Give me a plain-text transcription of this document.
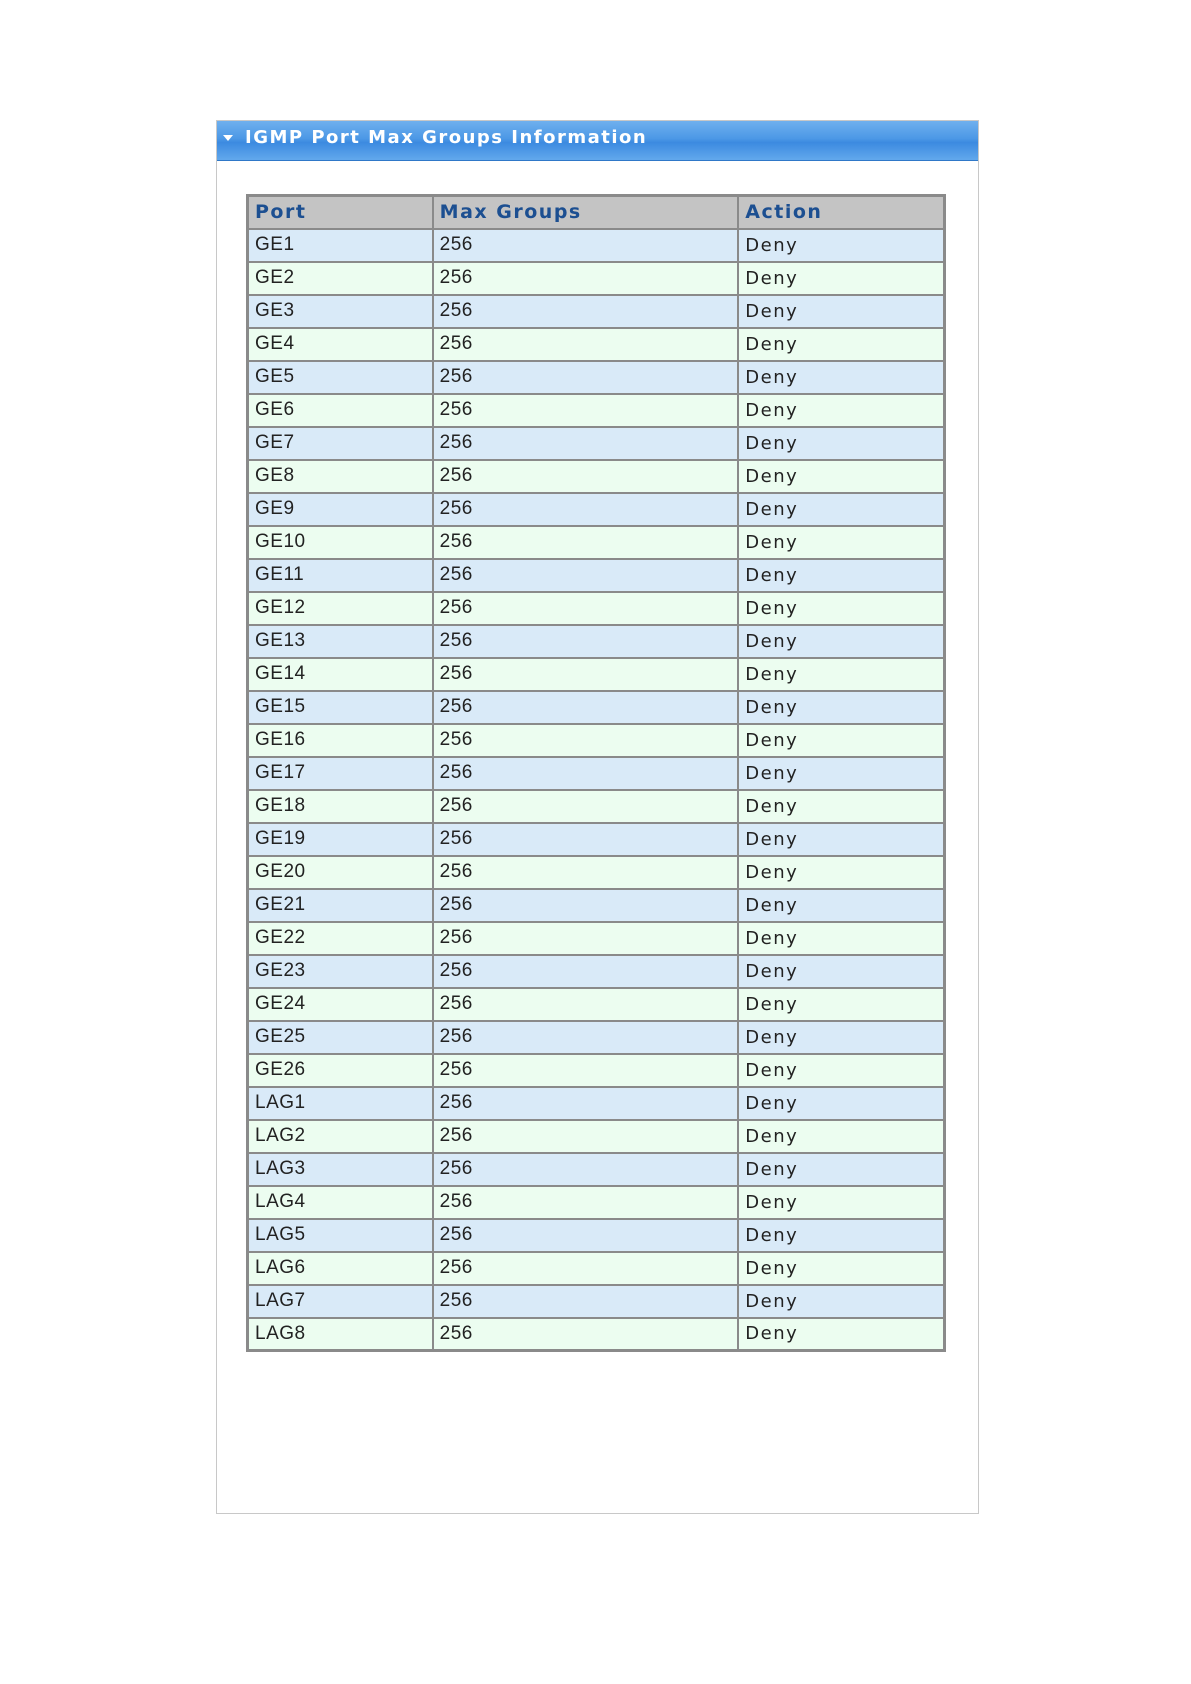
IGMP Port Max Groups Information
Port	Max Groups	Action
GE1	256	Deny
GE2	256	Deny
GE3	256	Deny
GE4	256	Deny
GE5	256	Deny
GE6	256	Deny
GE7	256	Deny
GE8	256	Deny
GE9	256	Deny
GE10	256	Deny
GE11	256	Deny
GE12	256	Deny
GE13	256	Deny
GE14	256	Deny
GE15	256	Deny
GE16	256	Deny
GE17	256	Deny
GE18	256	Deny
GE19	256	Deny
GE20	256	Deny
GE21	256	Deny
GE22	256	Deny
GE23	256	Deny
GE24	256	Deny
GE25	256	Deny
GE26	256	Deny
LAG1	256	Deny
LAG2	256	Deny
LAG3	256	Deny
LAG4	256	Deny
LAG5	256	Deny
LAG6	256	Deny
LAG7	256	Deny
LAG8	256	Deny
